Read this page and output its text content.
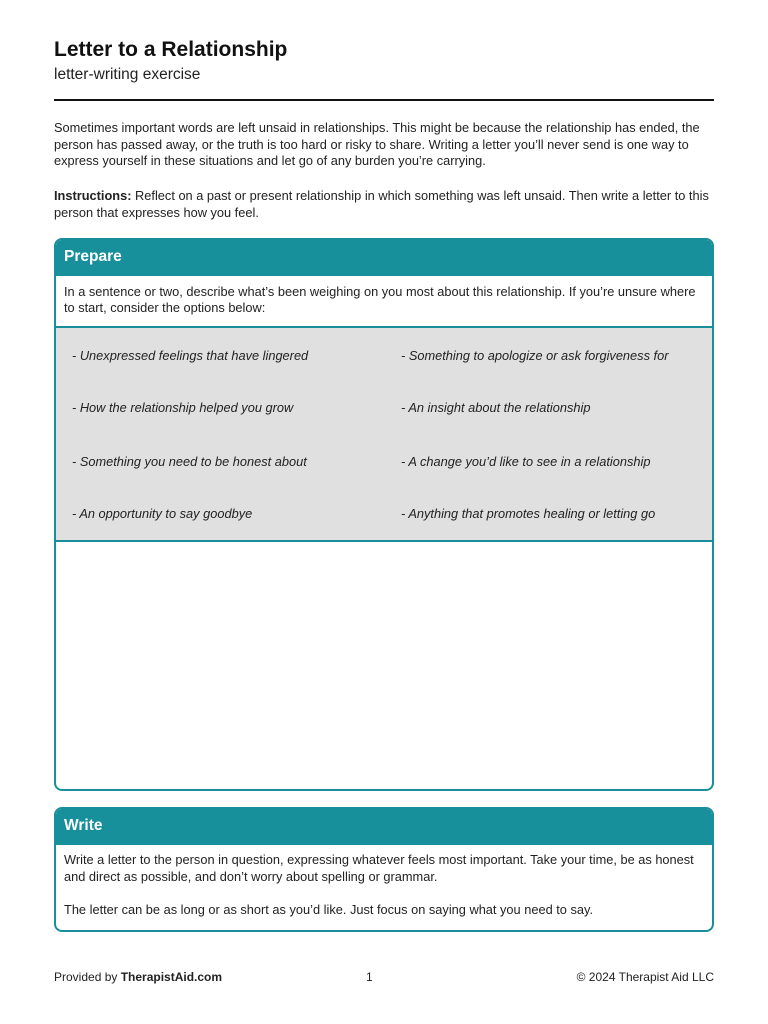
Letter to a Relationship
letter-writing exercise

Sometimes important words are left unsaid in relationships. This might be because the relationship has ended, the person has passed away, or the truth is too hard or risky to share. Writing a letter you’ll never send is one way to express yourself in these situations and let go of any burden you’re carrying.

Instructions: Reflect on a past or present relationship in which something was left unsaid. Then write a letter to this person that expresses how you feel.

Prepare
In a sentence or two, describe what’s been weighing on you most about this relationship. If you’re unsure where to start, consider the options below:
- Unexpressed feelings that have lingered	- Something to apologize or ask forgiveness for
- How the relationship helped you grow	- An insight about the relationship
- Something you need to be honest about	- A change you’d like to see in a relationship
- An opportunity to say goodbye	- Anything that promotes healing or letting go
Write

Write a letter to the person in question, expressing whatever feels most important. Take your time, be as honest and direct as possible, and don’t worry about spelling or grammar.

The letter can be as long or as short as you’d like. Just focus on saying what you need to say.

Provided by TherapistAid.com	1	© 2024 Therapist Aid LLC
